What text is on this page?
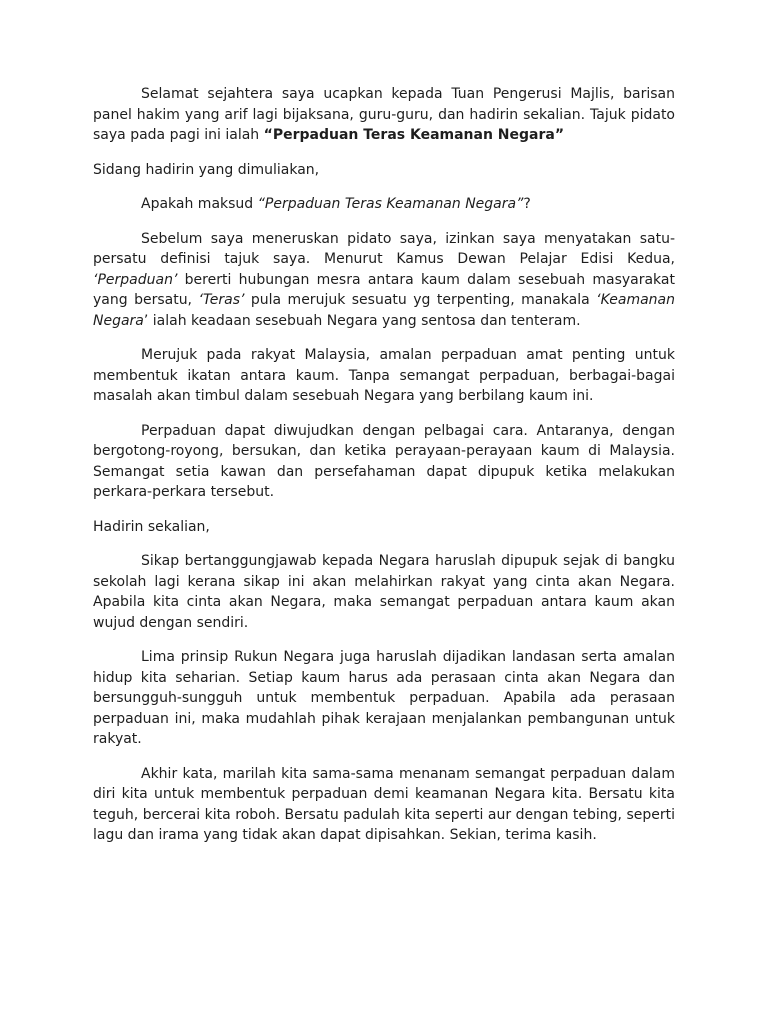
Selamat sejahtera saya ucapkan kepada Tuan Pengerusi Majlis, barisan panel hakim yang arif lagi bijaksana, guru-guru, dan hadirin sekalian. Tajuk pidato saya pada pagi ini ialah “Perpaduan Teras Keamanan Negara”

Sidang hadirin yang dimuliakan,

Apakah maksud “Perpaduan Teras Keamanan Negara”?

Sebelum saya meneruskan pidato saya, izinkan saya menyatakan satu-persatu definisi tajuk saya. Menurut Kamus Dewan Pelajar Edisi Kedua, ‘Perpaduan’ bererti hubungan mesra antara kaum dalam sesebuah masyarakat yang bersatu, ‘Teras’ pula merujuk sesuatu yg terpenting, manakala ‘Keamanan Negara’ ialah keadaan sesebuah Negara yang sentosa dan tenteram.

Merujuk pada rakyat Malaysia, amalan perpaduan amat penting untuk membentuk ikatan antara kaum. Tanpa semangat perpaduan, berbagai-bagai masalah akan timbul dalam sesebuah Negara yang berbilang kaum ini.

Perpaduan dapat diwujudkan dengan pelbagai cara. Antaranya, dengan bergotong-royong, bersukan, dan ketika perayaan-perayaan kaum di Malaysia. Semangat setia kawan dan persefahaman dapat dipupuk ketika melakukan perkara-perkara tersebut.

Hadirin sekalian,

Sikap bertanggungjawab kepada Negara haruslah dipupuk sejak di bangku sekolah lagi kerana sikap ini akan melahirkan rakyat yang cinta akan Negara. Apabila kita cinta akan Negara, maka semangat perpaduan antara kaum akan wujud dengan sendiri.

Lima prinsip Rukun Negara juga haruslah dijadikan landasan serta amalan hidup kita seharian. Setiap kaum harus ada perasaan cinta akan Negara dan bersungguh-sungguh untuk membentuk perpaduan. Apabila ada perasaan perpaduan ini, maka mudahlah pihak kerajaan menjalankan pembangunan untuk rakyat.

Akhir kata, marilah kita sama-sama menanam semangat perpaduan dalam diri kita untuk membentuk perpaduan demi keamanan Negara kita. Bersatu kita teguh, bercerai kita roboh. Bersatu padulah kita seperti aur dengan tebing, seperti lagu dan irama yang tidak akan dapat dipisahkan. Sekian, terima kasih.
